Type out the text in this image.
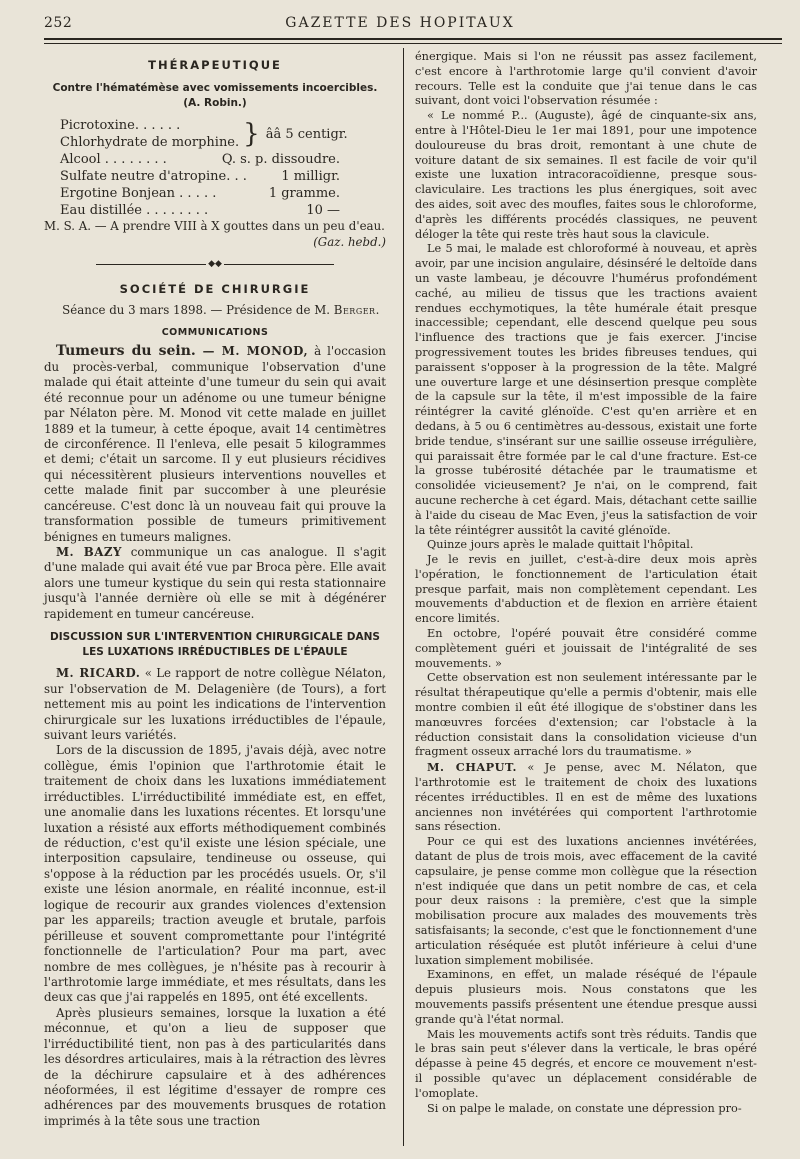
252	GAZETTE DES HOPITAUX

THÉRAPEUTIQUE

Contre l'hématémèse avec vomissements incoercibles. (A. Robin.)

Picrotoxine. . . . . .
Chlorhydrate de morphine. } ââ 5 centigr.
Alcool . . . . . . . .	Q. s. p. dissoudre.
Sulfate neutre d'atropine. . .	1 milligr.
Ergotine Bonjean . . . . .	1 gramme.
Eau distillée . . . . . . . .	10 —

M. S. A. — A prendre VIII à X gouttes dans un peu d'eau.

(Gaz. hebd.)

◆◆

SOCIÉTÉ DE CHIRURGIE

Séance du 3 mars 1898. — Présidence de M. Berger.

COMMUNICATIONS

Tumeurs du sein. — M. MONOD, à l'occasion du procès-verbal, communique l'observation d'une malade qui était atteinte d'une tumeur du sein qui avait été reconnue pour un adénome ou une tumeur bénigne par Nélaton père. M. Monod vit cette malade en juillet 1889 et la tumeur, à cette époque, avait 14 centimètres de circonférence. Il l'enleva, elle pesait 5 kilogrammes et demi; c'était un sarcome. Il y eut plusieurs récidives qui nécessitèrent plusieurs interventions nouvelles et cette malade finit par succomber à une pleurésie cancéreuse. C'est donc là un nouveau fait qui prouve la transformation possible de tumeurs primitivement bénignes en tumeurs malignes.

M. BAZY communique un cas analogue. Il s'agit d'une malade qui avait été vue par Broca père. Elle avait alors une tumeur kystique du sein qui resta stationnaire jusqu'à l'année dernière où elle se mit à dégénérer rapidement en tumeur cancéreuse.

DISCUSSION SUR L'INTERVENTION CHIRURGICALE DANS LES LUXATIONS IRRÉDUCTIBLES DE L'ÉPAULE

M. RICARD. « Le rapport de notre collègue Nélaton, sur l'observation de M. Delagenière (de Tours), a fort nettement mis au point les indications de l'intervention chirurgicale sur les luxations irréductibles de l'épaule, suivant leurs variétés.

Lors de la discussion de 1895, j'avais déjà, avec notre collègue, émis l'opinion que l'arthrotomie était le traitement de choix dans les luxations immédiatement irréductibles. L'irréductibilité immédiate est, en effet, une anomalie dans les luxations récentes. Et lorsqu'une luxation a résisté aux efforts méthodiquement combinés de réduction, c'est qu'il existe une lésion spéciale, une interposition capsulaire, tendineuse ou osseuse, qui s'oppose à la réduction par les procédés usuels. Or, s'il existe une lésion anormale, en réalité inconnue, est-il logique de recourir aux grandes violences d'extension par les appareils; traction aveugle et brutale, parfois périlleuse et souvent compromettante pour l'intégrité fonctionnelle de l'articulation? Pour ma part, avec nombre de mes collègues, je n'hésite pas à recourir à l'arthrotomie large immédiate, et mes résultats, dans les deux cas que j'ai rappelés en 1895, ont été excellents.

Après plusieurs semaines, lorsque la luxation a été méconnue, et qu'on a lieu de supposer que l'irréductibilité tient, non pas à des particularités dans les désordres articulaires, mais à la rétraction des lèvres de la déchirure capsulaire et à des adhérences néoformées, il est légitime d'essayer de rompre ces adhérences par des mouvements brusques de rotation imprimés à la tête sous une traction

énergique. Mais si l'on ne réussit pas assez facilement, c'est encore à l'arthrotomie large qu'il convient d'avoir recours. Telle est la conduite que j'ai tenue dans le cas suivant, dont voici l'observation résumée :

« Le nommé P... (Auguste), âgé de cinquante-six ans, entre à l'Hôtel-Dieu le 1er mai 1891, pour une impotence douloureuse du bras droit, remontant à une chute de voiture datant de six semaines. Il est facile de voir qu'il existe une luxation intracoracoïdienne, presque sous-claviculaire. Les tractions les plus énergiques, soit avec des aides, soit avec des moufles, faites sous le chloroforme, d'après les différents procédés classiques, ne peuvent déloger la tête qui reste très haut sous la clavicule.

Le 5 mai, le malade est chloroformé à nouveau, et après avoir, par une incision angulaire, désinséré le deltoïde dans un vaste lambeau, je découvre l'humérus profondément caché, au milieu de tissus que les tractions avaient rendues ecchymotiques, la tête humérale était presque inaccessible; cependant, elle descend quelque peu sous l'influence des tractions que je fais exercer. J'incise progressivement toutes les brides fibreuses tendues, qui paraissent s'opposer à la progression de la tête. Malgré une ouverture large et une désinsertion presque complète de la capsule sur la tête, il m'est impossible de la faire réintégrer la cavité glénoïde. C'est qu'en arrière et en dedans, à 5 ou 6 centimètres au-dessous, existait une forte bride tendue, s'insérant sur une saillie osseuse irrégulière, qui paraissait être formée par le cal d'une fracture. Est-ce la grosse tubérosité détachée par le traumatisme et consolidée vicieusement? Je n'ai, on le comprend, fait aucune recherche à cet égard. Mais, détachant cette saillie à l'aide du ciseau de Mac Even, j'eus la satisfaction de voir la tête réintégrer aussitôt la cavité glénoïde.

Quinze jours après le malade quittait l'hôpital.

Je le revis en juillet, c'est-à-dire deux mois après l'opération, le fonctionnement de l'articulation était presque parfait, mais non complètement cependant. Les mouvements d'abduction et de flexion en arrière étaient encore limités.

En octobre, l'opéré pouvait être considéré comme complètement guéri et jouissait de l'intégralité de ses mouvements. »

Cette observation est non seulement intéressante par le résultat thérapeutique qu'elle a permis d'obtenir, mais elle montre combien il eût été illogique de s'obstiner dans les manœuvres forcées d'extension; car l'obstacle à la réduction consistait dans la consolidation vicieuse d'un fragment osseux arraché lors du traumatisme. »

M. CHAPUT. « Je pense, avec M. Nélaton, que l'arthrotomie est le traitement de choix des luxations récentes irréductibles. Il en est de même des luxations anciennes non invétérées qui comportent l'arthrotomie sans résection.

Pour ce qui est des luxations anciennes invétérées, datant de plus de trois mois, avec effacement de la cavité capsulaire, je pense comme mon collègue que la résection n'est indiquée que dans un petit nombre de cas, et cela pour deux raisons : la première, c'est que la simple mobilisation procure aux malades des mouvements très satisfaisants; la seconde, c'est que le fonctionnement d'une articulation réséquée est plutôt inférieure à celui d'une luxation simplement mobilisée.

Examinons, en effet, un malade réséqué de l'épaule depuis plusieurs mois. Nous constatons que les mouvements passifs présentent une étendue presque aussi grande qu'à l'état normal.

Mais les mouvements actifs sont très réduits. Tandis que le bras sain peut s'élever dans la verticale, le bras opéré dépasse à peine 45 degrés, et encore ce mouvement n'est-il possible qu'avec un déplacement considérable de l'omoplate.

Si on palpe le malade, on constate une dépression pro-
